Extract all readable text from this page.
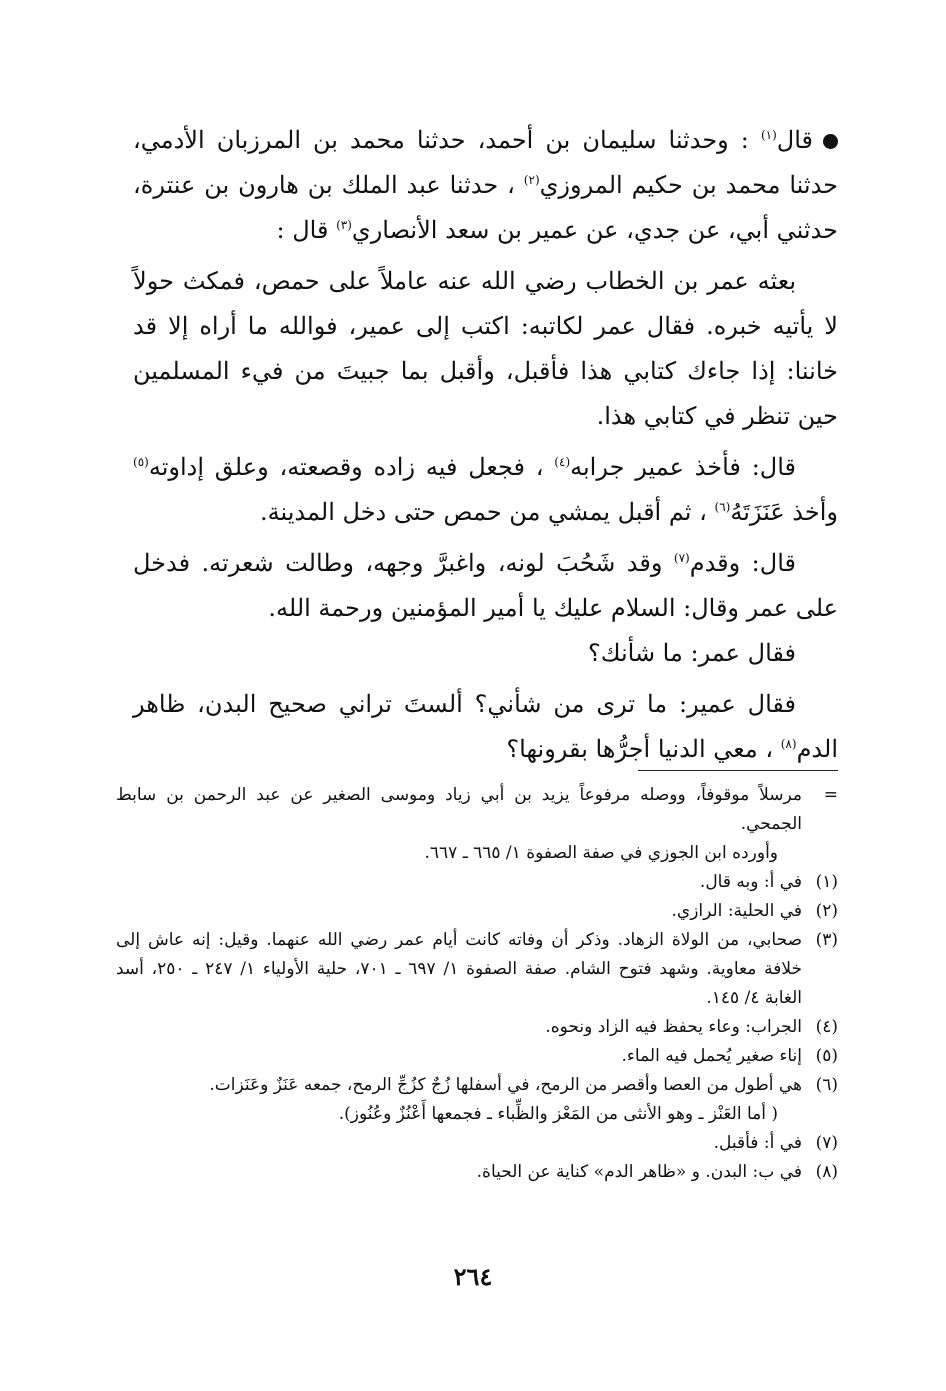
قال$^{(١)}$ : وحدثنا سليمان بن أحمد، حدثنا محمد بن المرزبان الأدمي، حدثنا محمد بن حكيم المروزي$^{(٢)}$ ، حدثنا عبد الملك بن هارون بن عنترة، حدثني أبي، عن جدي، عن عمير بن سعد الأنصاري$^{(٣)}$ قال :

بعثه عمر بن الخطاب رضي الله عنه عاملاً على حمص، فمكث حولاً لا يأتيه خبره. فقال عمر لكاتبه: اكتب إلى عمير، فوالله ما أراه إلا قد خاننا: إذا جاءك كتابي هذا فأقبل، وأقبل بما جبيتَ من فيء المسلمين حين تنظر في كتابي هذا.

قال: فأخذ عمير جرابه$^{(٤)}$ ، فجعل فيه زاده وقصعته، وعلق إداوته$^{(٥)}$ وأخذ عَنَزَتَهُ$^{(٦)}$ ، ثم أقبل يمشي من حمص حتى دخل المدينة.

قال: وقدم$^{(٧)}$ وقد شَحُبَ لونه، واغبرَّ وجهه، وطالت شعرته. فدخل على عمر وقال: السلام عليك يا أمير المؤمنين ورحمة الله.

فقال عمر: ما شأنك؟

فقال عمير: ما ترى من شأني؟ ألستَ تراني صحيح البدن، ظاهر الدم$^{(٨)}$ ، معي الدنيا أجرُّها بقرونها؟

=

مرسلاً موقوفاً، ووصله مرفوعاً يزيد بن أبي زياد وموسى الصغير عن عبد الرحمن بن سابط الجمحي.

وأورده ابن الجوزي في صفة الصفوة ١/ ٦٦٥ ـ ٦٦٧.

(١)

في أ: وبه قال.

(٢)

في الحلية: الرازي.

(٣)

صحابي، من الولاة الزهاد. وذكر أن وفاته كانت أيام عمر رضي الله عنهما. وقيل: إنه عاش إلى خلافة معاوية. وشهد فتوح الشام. صفة الصفوة ١/ ٦٩٧ ـ ٧٠١، حلية الأولياء ١/ ٢٤٧ ـ ٢٥٠، أسد الغابة ٤/ ١٤٥.

(٤)

الجراب: وعاء يحفظ فيه الزاد ونحوه.

(٥)

إناء صغير يُحمل فيه الماء.

(٦)

هي أطول من العصا وأقصر من الرمح، في أسفلها زُجٌ كزُجِّ الرمح، جمعه عَنَزٌ وعَنَزات.

( أما العَنْز ـ وهو الأنثى من المَعْز والظِّباء ـ فجمعها أَعْنُزٌ وعُنُوز).

(٧)

في أ: فأقبل.

(٨)

في ب: البدن. و «ظاهر الدم» كناية عن الحياة.

٢٦٤
